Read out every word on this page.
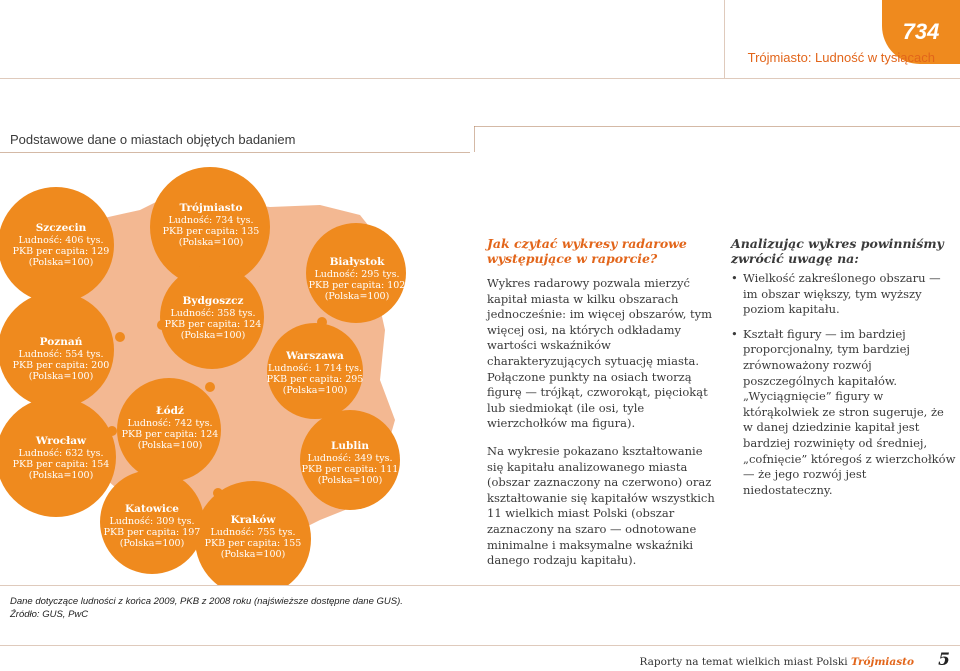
734
Trójmiasto: Ludność w tysiącach
Podstawowe dane o miastach objętych badaniem
Szczecin
Ludność: 406 tys.
PKB per capita: 129
(Polska=100)
Trójmiasto
Ludność: 734 tys.
PKB per capita: 135
(Polska=100)
Białystok
Ludność: 295 tys.
PKB per capita: 102
(Polska=100)
Bydgoszcz
Ludność: 358 tys.
PKB per capita: 124
(Polska=100)
Poznań
Ludność: 554 tys.
PKB per capita: 200
(Polska=100)
Warszawa
Ludność: 1 714 tys.
PKB per capita: 295
(Polska=100)
Łódź
Ludność: 742 tys.
PKB per capita: 124
(Polska=100)
Wrocław
Ludność: 632 tys.
PKB per capita: 154
(Polska=100)
Lublin
Ludność: 349 tys.
PKB per capita: 111
(Polska=100)
Katowice
Ludność: 309 tys.
PKB per capita: 197
(Polska=100)
Kraków
Ludność: 755 tys.
PKB per capita: 155
(Polska=100)
Jak czytać wykresy radarowe występujące w raporcie?

Wykres radarowy pozwala mierzyć kapitał miasta w kilku obszarach jednocześnie: im więcej obszarów, tym więcej osi, na których odkładamy wartości wskaźników charakteryzujących sytuację miasta. Połączone punkty na osiach tworzą figurę — trójkąt, czworokąt, pięciokąt lub siedmiokąt (ile osi, tyle wierzchołków ma figura).

Na wykresie pokazano kształtowanie się kapitału analizowanego miasta (obszar zaznaczony na czerwono) oraz kształtowanie się kapitałów wszystkich 11 wielkich miast Polski (obszar zaznaczony na szaro — odnotowane minimalne i maksymalne wskaźniki danego rodzaju kapitału).

Analizując wykres powinniśmy zwrócić uwagę na:
• Wielkość zakreślonego obszaru — im obszar większy, tym wyższy poziom kapitału.
• Kształt figury — im bardziej proporcjonalny, tym bardziej zrównoważony rozwój poszczególnych kapitałów. „Wyciągnięcie” figury w którąkolwiek ze stron sugeruje, że w danej dziedzinie kapitał jest bardziej rozwinięty od średniej, „cofnięcie” któregoś z wierzchołków — że jego rozwój jest niedostateczny.
Dane dotyczące ludności z końca 2009, PKB z 2008 roku (najświeższe dostępne dane GUS).
Źródło: GUS, PwC
Raporty na temat wielkich miast Polski Trójmiasto 5
